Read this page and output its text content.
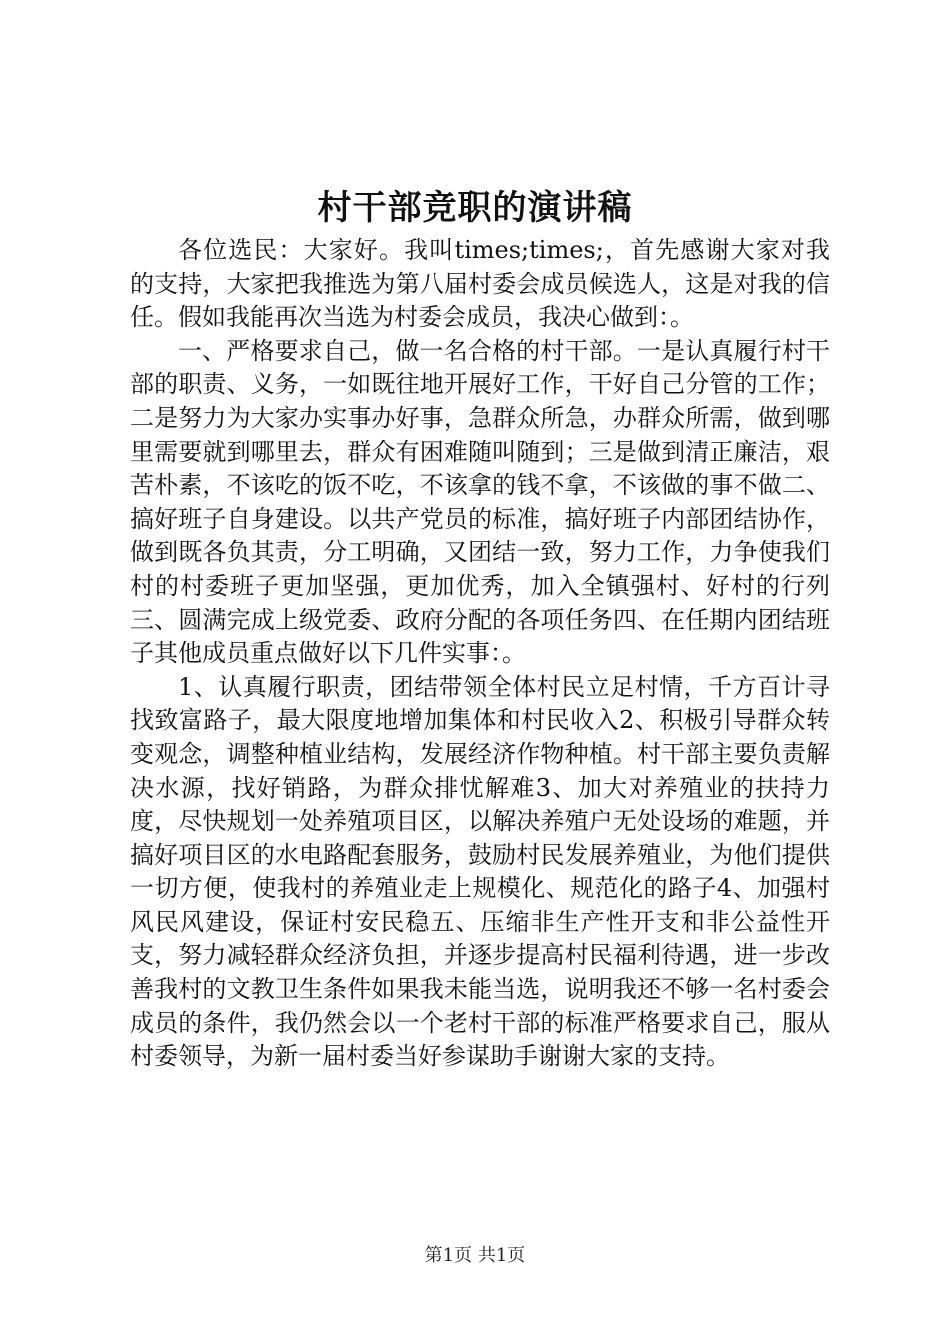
村干部竞职的演讲稿

各位选民：大家好。我叫times;times;，首先感谢大家对我的支持，大家把我推选为第八届村委会成员候选人，这是对我的信任。假如我能再次当选为村委会成员，我决心做到：。

一、严格要求自己，做一名合格的村干部。一是认真履行村干部的职责、义务，一如既往地开展好工作，干好自己分管的工作；二是努力为大家办实事办好事，急群众所急，办群众所需，做到哪里需要就到哪里去，群众有困难随叫随到；三是做到清正廉洁，艰苦朴素，不该吃的饭不吃，不该拿的钱不拿，不该做的事不做二、搞好班子自身建设。以共产党员的标准，搞好班子内部团结协作，做到既各负其责，分工明确，又团结一致，努力工作，力争使我们村的村委班子更加坚强，更加优秀，加入全镇强村、好村的行列三、圆满完成上级党委、政府分配的各项任务四、在任期内团结班子其他成员重点做好以下几件实事：。

1、认真履行职责，团结带领全体村民立足村情，千方百计寻找致富路子，最大限度地增加集体和村民收入2、积极引导群众转变观念，调整种植业结构，发展经济作物种植。村干部主要负责解决水源，找好销路，为群众排忧解难3、加大对养殖业的扶持力度，尽快规划一处养殖项目区，以解决养殖户无处设场的难题，并搞好项目区的水电路配套服务，鼓励村民发展养殖业，为他们提供一切方便，使我村的养殖业走上规模化、规范化的路子4、加强村风民风建设，保证村安民稳五、压缩非生产性开支和非公益性开支，努力减轻群众经济负担，并逐步提高村民福利待遇，进一步改善我村的文教卫生条件如果我未能当选，说明我还不够一名村委会成员的条件，我仍然会以一个老村干部的标准严格要求自己，服从村委领导，为新一届村委当好参谋助手谢谢大家的支持。

第1页 共1页
